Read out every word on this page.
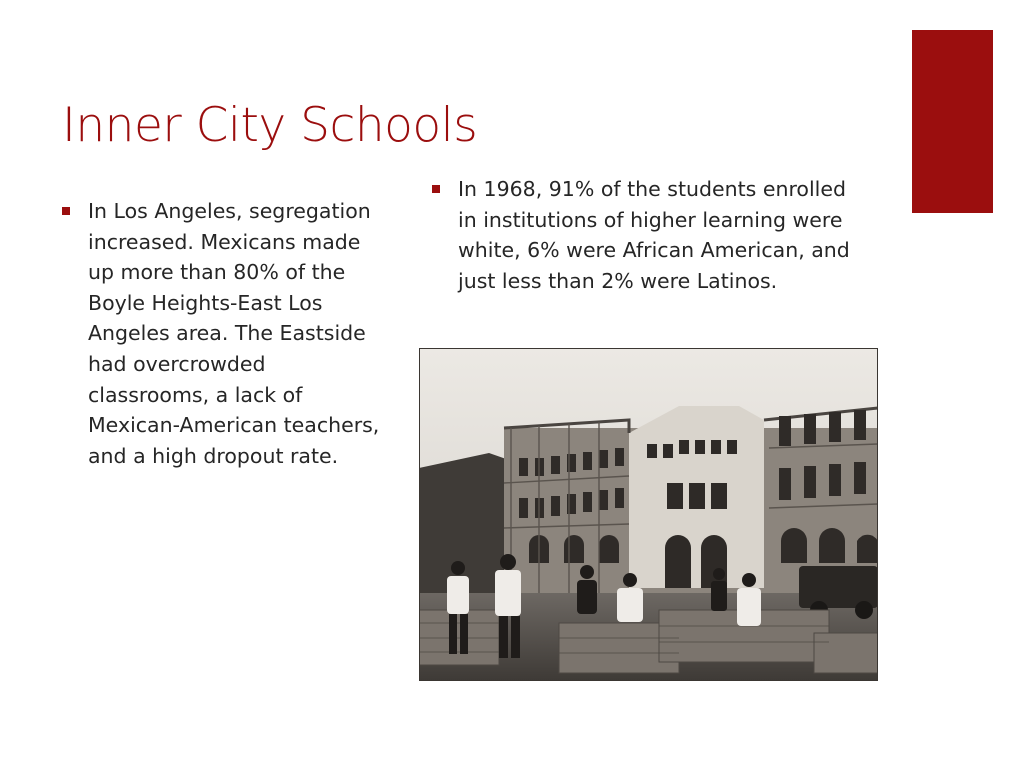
Inner City Schools
In Los Angeles, segregation increased. Mexicans made up more than 80% of the Boyle Heights-East Los Angeles area. The Eastside had overcrowded classrooms, a lack of Mexican-American teachers, and a high dropout rate.
In 1968, 91% of the students enrolled in institutions of higher learning were white, 6% were African American, and just less than 2% were Latinos.
